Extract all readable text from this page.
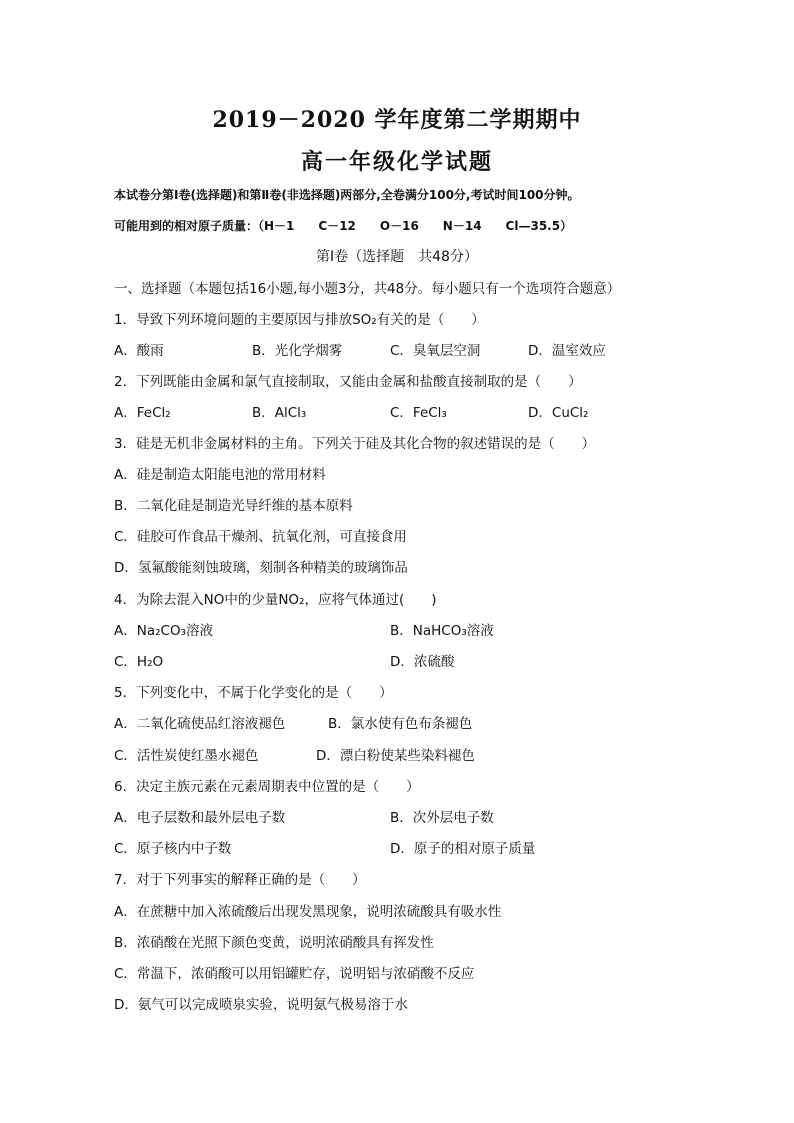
2019－2020 学年度第二学期期中
高一年级化学试题
本试卷分第Ⅰ卷(选择题)和第Ⅱ卷(非选择题)两部分,全卷满分100分,考试时间100分钟。
可能用到的相对原子质量：（H－1　　C－12　　O－16　　N－14　　Cl—35.5）
第Ⅰ卷（选择题　共48分）
一、选择题（本题包括16小题,每小题3分，共48分。每小题只有一个选项符合题意）
1．导致下列环境问题的主要原因与排放SO₂有关的是（　　）
A．酸雨	B．光化学烟雾	C．臭氧层空洞	D．温室效应
2．下列既能由金属和氯气直接制取，又能由金属和盐酸直接制取的是（　　）
A．FeCl₂	B．AlCl₃	C．FeCl₃	D．CuCl₂
3．硅是无机非金属材料的主角。下列关于硅及其化合物的叙述错误的是（　　）
A．硅是制造太阳能电池的常用材料
B．二氧化硅是制造光导纤维的基本原料
C．硅胶可作食品干燥剂、抗氧化剂，可直接食用
D．氢氟酸能刻蚀玻璃，刻制各种精美的玻璃饰品
4．为除去混入NO中的少量NO₂，应将气体通过(　　)
A．Na₂CO₃溶液	B．NaHCO₃溶液
C．H₂O	D．浓硫酸
5．下列变化中，不属于化学变化的是（　　）
A．二氧化硫使品红溶液褪色	B．氯水使有色布条褪色
C．活性炭使红墨水褪色	D．漂白粉使某些染料褪色
6．决定主族元素在元素周期表中位置的是（　　）
A．电子层数和最外层电子数	B．次外层电子数
C．原子核内中子数	D．原子的相对原子质量
7．对于下列事实的解释正确的是（　　）
A．在蔗糖中加入浓硫酸后出现发黑现象，说明浓硫酸具有吸水性
B．浓硝酸在光照下颜色变黄，说明浓硝酸具有挥发性
C．常温下，浓硝酸可以用铝罐贮存，说明铝与浓硝酸不反应
D．氨气可以完成喷泉实验，说明氨气极易溶于水
